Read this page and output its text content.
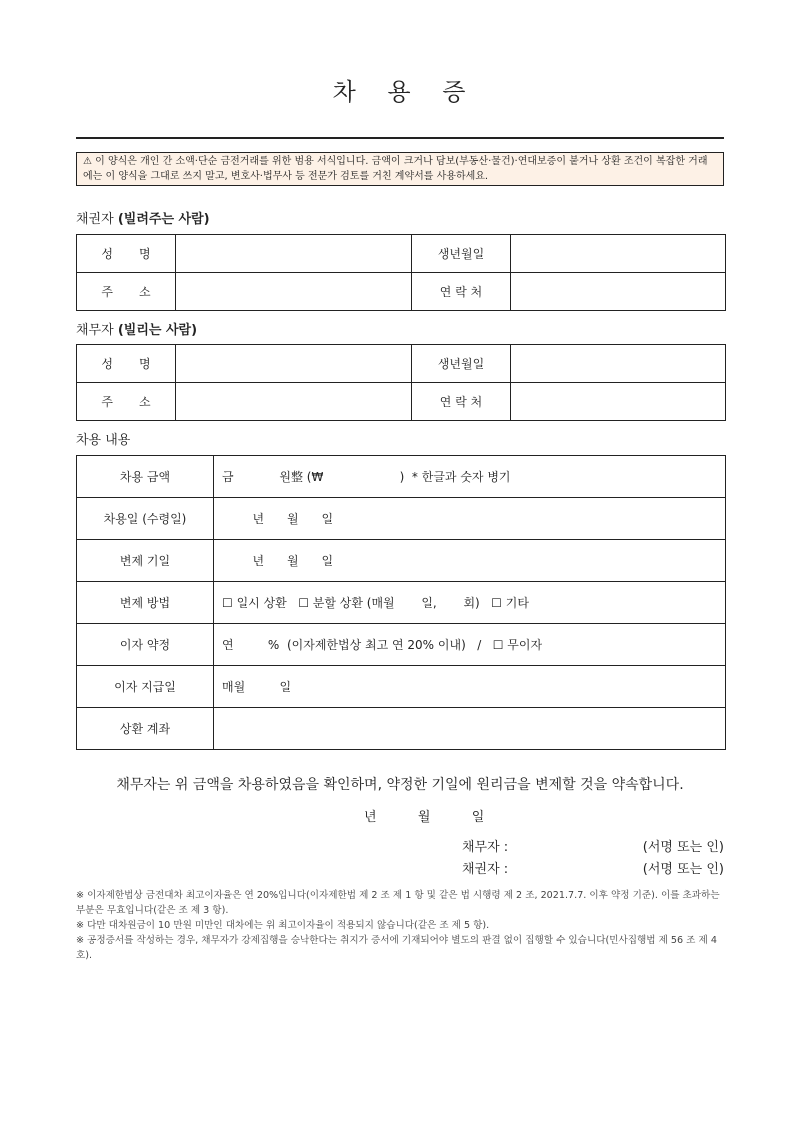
차 용 증
⚠ 이 양식은 개인 간 소액·단순 금전거래를 위한 범용 서식입니다. 금액이 크거나 담보(부동산·물건)·연대보증이 붙거나 상환 조건이 복잡한 거래에는 이 양식을 그대로 쓰지 말고, 변호사·법무사 등 전문가 검토를 거친 계약서를 사용하세요.
채권자 (빌려주는 사람)
성 명		생년월일	
주 소		연 락 처	
채무자 (빌리는 사람)
성 명		생년월일	
주 소		연 락 처	
차용 내용
차용 금액	금            원整 (₩                    )  * 한글과 숫자 병기
차용일 (수령일)	년      월      일
변제 기일	년      월      일
변제 방법	☐ 일시 상환   ☐ 분할 상환 (매월       일,       회)   ☐ 기타
이자 약정	연         %  (이자제한법상 최고 연 20% 이내)   /   ☐ 무이자
이자 지급일	매월         일
상환 계좌	
채무자는 위 금액을 차용하였음을 확인하며, 약정한 기일에 원리금을 변제할 것을 약속합니다.
년          월          일
채무자 :	(서명 또는 인)
채권자 :	(서명 또는 인)

※ 이자제한법상 금전대차 최고이자율은 연 20%입니다(이자제한법 제 2 조 제 1 항 및 같은 법 시행령 제 2 조, 2021.7.7. 이후 약정 기준). 이를 초과하는 부분은 무효입니다(같은 조 제 3 항).

※ 다만 대차원금이 10 만원 미만인 대차에는 위 최고이자율이 적용되지 않습니다(같은 조 제 5 항).

※ 공정증서를 작성하는 경우, 채무자가 강제집행을 승낙한다는 취지가 증서에 기재되어야 별도의 판결 없이 집행할 수 있습니다(민사집행법 제 56 조 제 4 호).
